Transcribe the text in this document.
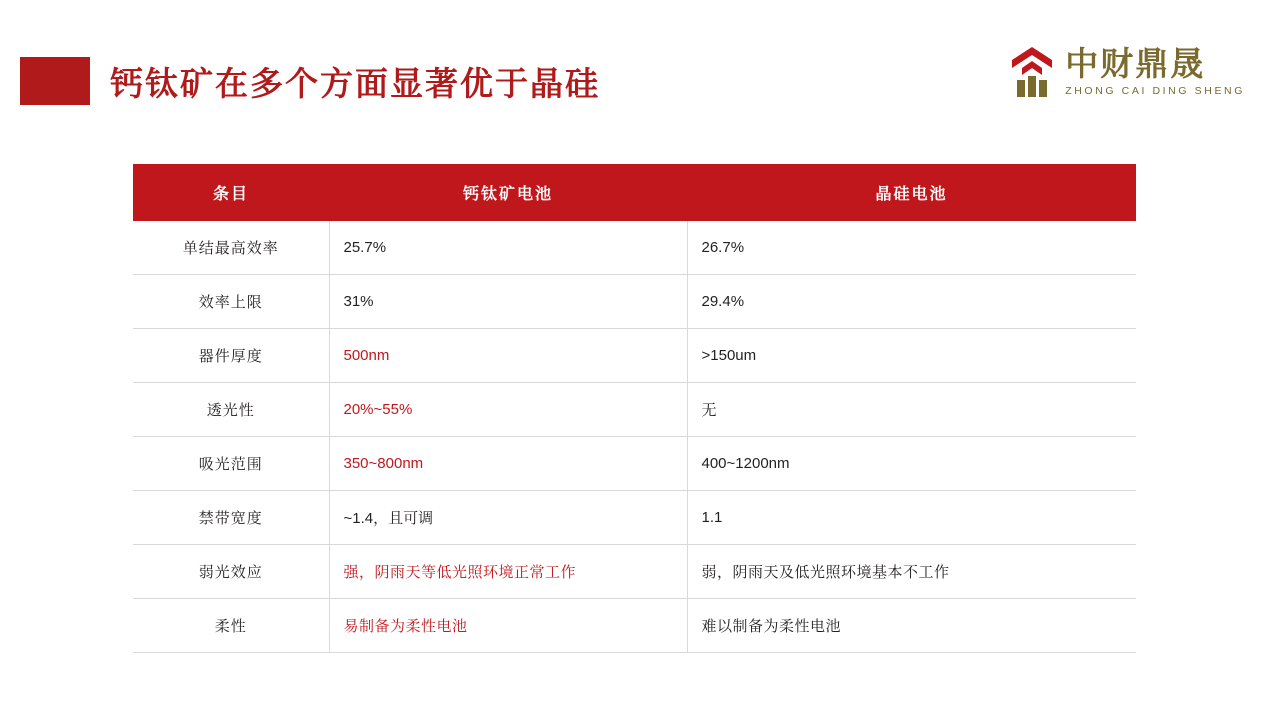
钙钛矿在多个方面显著优于晶硅
中财鼎晟
ZHONG CAI DING SHENG
条目	钙钛矿电池	晶硅电池
单结最高效率	25.7%	26.7%
效率上限	31%	29.4%
器件厚度	500nm	>150um
透光性	20%~55%	无
吸光范围	350~800nm	400~1200nm
禁带宽度	~1.4，且可调	1.1
弱光效应	强，阴雨天等低光照环境正常工作	弱，阴雨天及低光照环境基本不工作
柔性	易制备为柔性电池	难以制备为柔性电池
